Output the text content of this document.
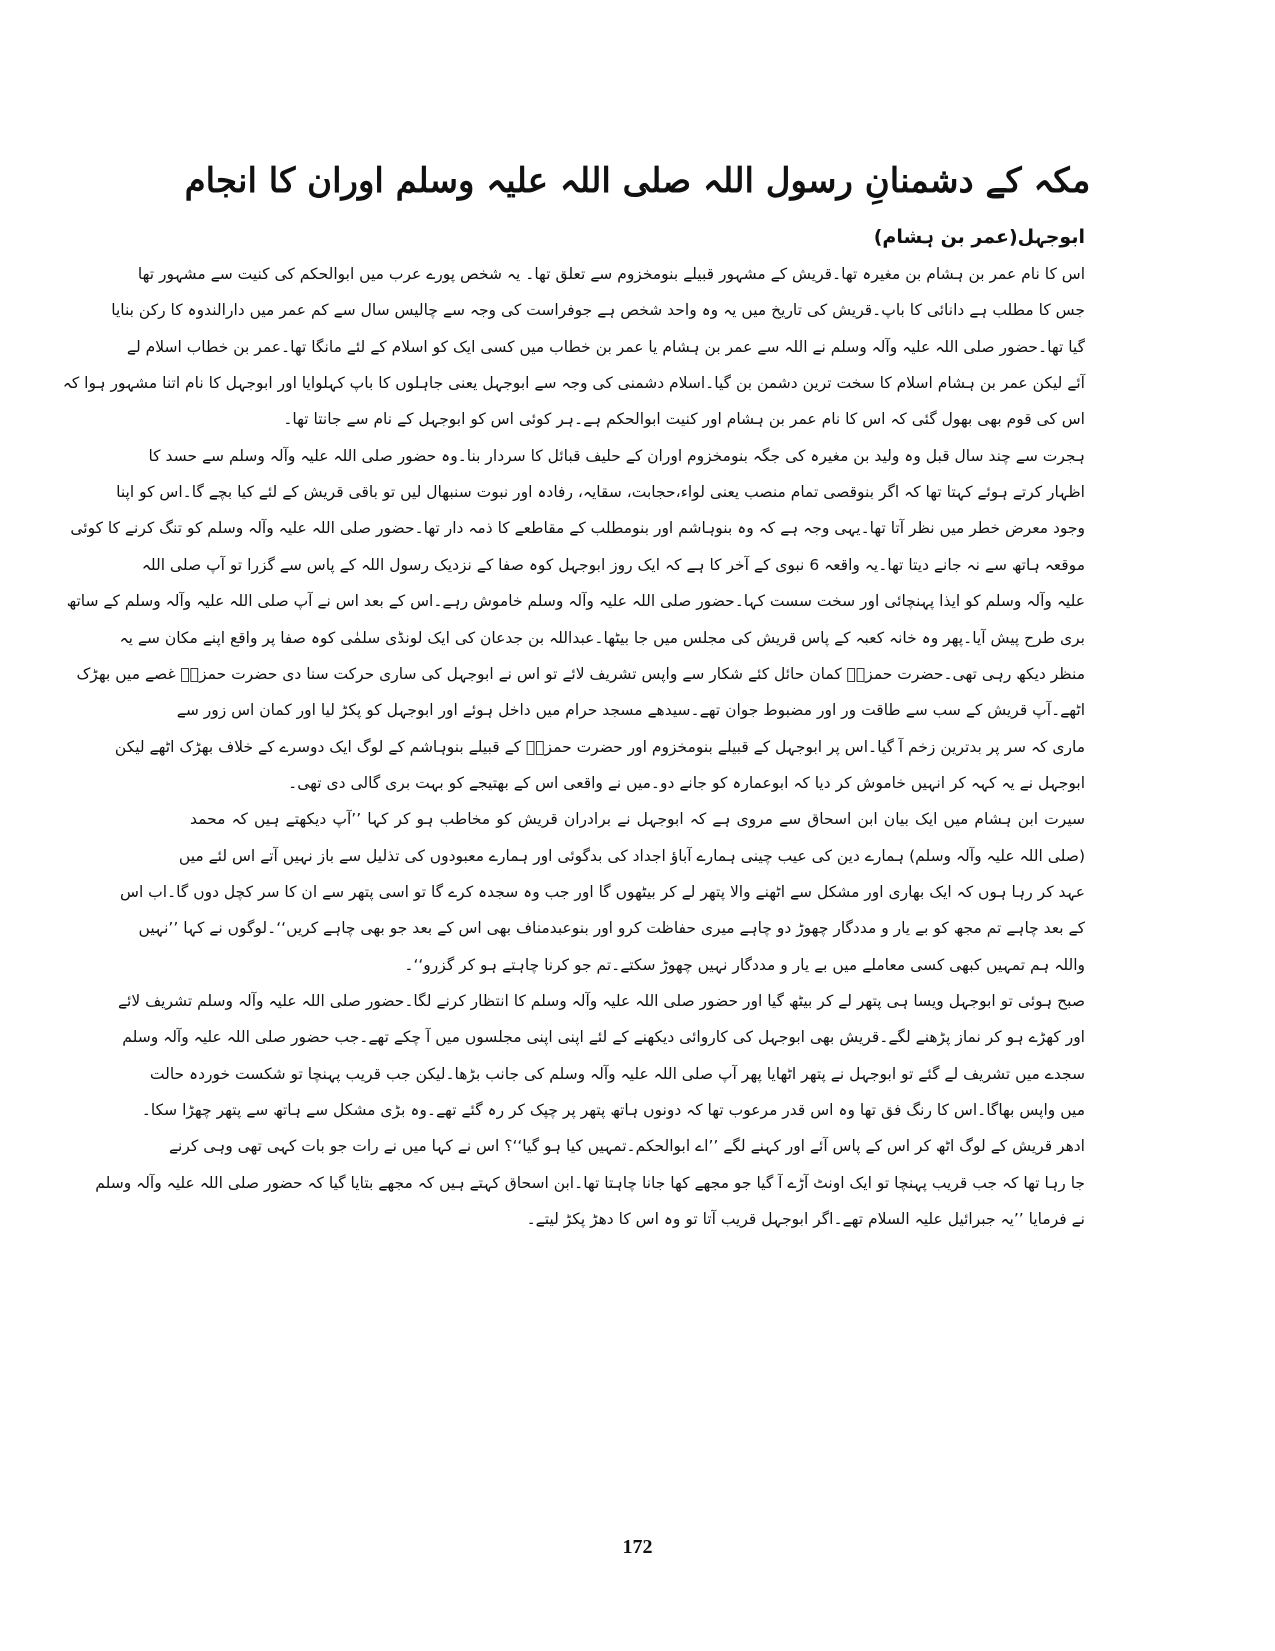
مکہ کے دشمنانِ رسول اللہ صلی اللہ علیہ وسلم اوران کا انجام
ابوجہل(عمر بن ہشام)
اس کا نام عمر بن ہشام بن مغیرہ تھا۔قریش کے مشہور قبیلے بنومخزوم سے تعلق تھا۔ یہ شخص پورے عرب میں ابوالحکم کی کنیت سے مشہور تھا
جس کا مطلب ہے دانائی کا باپ۔قریش کی تاریخ میں یہ وہ واحد شخص ہے جوفراست کی وجہ سے چالیس سال سے کم عمر میں دارالندوہ کا رکن بنایا
گیا تھا۔حضور صلی اللہ علیہ وآلہ وسلم نے اللہ سے عمر بن ہشام یا عمر بن خطاب میں کسی ایک کو اسلام کے لئے مانگا تھا۔عمر بن خطاب اسلام لے
آئے لیکن عمر بن ہشام اسلام کا سخت ترین دشمن بن گیا۔اسلام دشمنی کی وجہ سے ابوجہل یعنی جاہلوں کا باپ کہلوایا اور ابوجہل کا نام اتنا مشہور ہوا کہ
اس کی قوم بھی بھول گئی کہ اس کا نام عمر بن ہشام اور کنیت ابوالحکم ہے۔ہر کوئی اس کو ابوجہل کے نام سے جانتا تھا۔
ہجرت سے چند سال قبل وہ ولید بن مغیرہ کی جگہ بنومخزوم اوران کے حلیف قبائل کا سردار بنا۔وہ حضور صلی اللہ علیہ وآلہ وسلم سے حسد کا
اظہار کرتے ہوئے کہتا تھا کہ اگر بنوقصی تمام منصب یعنی لواء،حجابت، سقایہ، رفادہ اور نبوت سنبھال لیں تو باقی قریش کے لئے کیا بچے گا۔اس کو اپنا
وجود معرض خطر میں نظر آتا تھا۔یہی وجہ ہے کہ وہ بنوہاشم اور بنومطلب کے مقاطعے کا ذمہ دار تھا۔حضور صلی اللہ علیہ وآلہ وسلم کو تنگ کرنے کا کوئی
موقعہ ہاتھ سے نہ جانے دیتا تھا۔یہ واقعہ 6 نبوی کے آخر کا ہے کہ ایک روز ابوجہل کوہ صفا کے نزدیک رسول اللہ کے پاس سے گزرا تو آپ صلی اللہ
علیہ وآلہ وسلم کو ایذا پہنچائی اور سخت سست کہا۔حضور صلی اللہ علیہ وآلہ وسلم خاموش رہے۔اس کے بعد اس نے آپ صلی اللہ علیہ وآلہ وسلم کے ساتھ
بری طرح پیش آیا۔پھر وہ خانہ کعبہ کے پاس قریش کی مجلس میں جا بیٹھا۔عبداللہ بن جدعان کی ایک لونڈی سلمٰی کوہ صفا پر واقع اپنے مکان سے یہ
منظر دیکھ رہی تھی۔حضرت حمزہؓ کمان حائل کئے شکار سے واپس تشریف لائے تو اس نے ابوجہل کی ساری حرکت سنا دی حضرت حمزہؓ غصے میں بھڑک
اٹھے۔آپ قریش کے سب سے طاقت ور اور مضبوط جوان تھے۔سیدھے مسجد حرام میں داخل ہوئے اور ابوجہل کو پکڑ لیا اور کمان اس زور سے
ماری کہ سر پر بدترین زخم آ گیا۔اس پر ابوجہل کے قبیلے بنومخزوم اور حضرت حمزہؓ کے قبیلے بنوہاشم کے لوگ ایک دوسرے کے خلاف بھڑک اٹھے لیکن
ابوجہل نے یہ کہہ کر انہیں خاموش کر دیا کہ ابوعمارہ کو جانے دو۔میں نے واقعی اس کے بھتیجے کو بہت بری گالی دی تھی۔
سیرت ابن ہشام میں ایک بیان ابن اسحاق سے مروی ہے کہ ابوجہل نے برادران قریش کو مخاطب ہو کر کہا ’’آپ دیکھتے ہیں کہ محمد
(صلی اللہ علیہ وآلہ وسلم) ہمارے دین کی عیب چینی ہمارے آباؤ اجداد کی بدگوئی اور ہمارے معبودوں کی تذلیل سے باز نہیں آتے اس لئے میں
عہد کر رہا ہوں کہ ایک بھاری اور مشکل سے اٹھنے والا پتھر لے کر بیٹھوں گا اور جب وہ سجدہ کرے گا تو اسی پتھر سے ان کا سر کچل دوں گا۔اب اس
کے بعد چاہے تم مجھ کو بے یار و مددگار چھوڑ دو چاہے میری حفاظت کرو اور بنوعبدمناف بھی اس کے بعد جو بھی چاہے کریں‘‘۔لوگوں نے کہا ’’نہیں
واللہ ہم تمہیں کبھی کسی معاملے میں بے یار و مددگار نہیں چھوڑ سکتے۔تم جو کرنا چاہتے ہو کر گزرو‘‘۔
صبح ہوئی تو ابوجہل ویسا ہی پتھر لے کر بیٹھ گیا اور حضور صلی اللہ علیہ وآلہ وسلم کا انتظار کرنے لگا۔حضور صلی اللہ علیہ وآلہ وسلم تشریف لائے
اور کھڑے ہو کر نماز پڑھنے لگے۔قریش بھی ابوجہل کی کاروائی دیکھنے کے لئے اپنی اپنی مجلسوں میں آ چکے تھے۔جب حضور صلی اللہ علیہ وآلہ وسلم
سجدے میں تشریف لے گئے تو ابوجہل نے پتھر اٹھایا پھر آپ صلی اللہ علیہ وآلہ وسلم کی جانب بڑھا۔لیکن جب قریب پہنچا تو شکست خوردہ حالت
میں واپس بھاگا۔اس کا رنگ فق تھا وہ اس قدر مرعوب تھا کہ دونوں ہاتھ پتھر پر چپک کر رہ گئے تھے۔وہ بڑی مشکل سے ہاتھ سے پتھر چھڑا سکا۔
ادھر قریش کے لوگ اٹھ کر اس کے پاس آئے اور کہنے لگے ’’اے ابوالحکم۔تمہیں کیا ہو گیا‘‘؟ اس نے کہا میں نے رات جو بات کہی تھی وہی کرنے
جا رہا تھا کہ جب قریب پہنچا تو ایک اونٹ آڑے آ گیا جو مجھے کھا جانا چاہتا تھا۔ابن اسحاق کہتے ہیں کہ مجھے بتایا گیا کہ حضور صلی اللہ علیہ وآلہ وسلم
نے فرمایا ’’یہ جبرائیل علیہ السلام تھے۔اگر ابوجہل قریب آتا تو وہ اس کا دھڑ پکڑ لیتے۔
172
